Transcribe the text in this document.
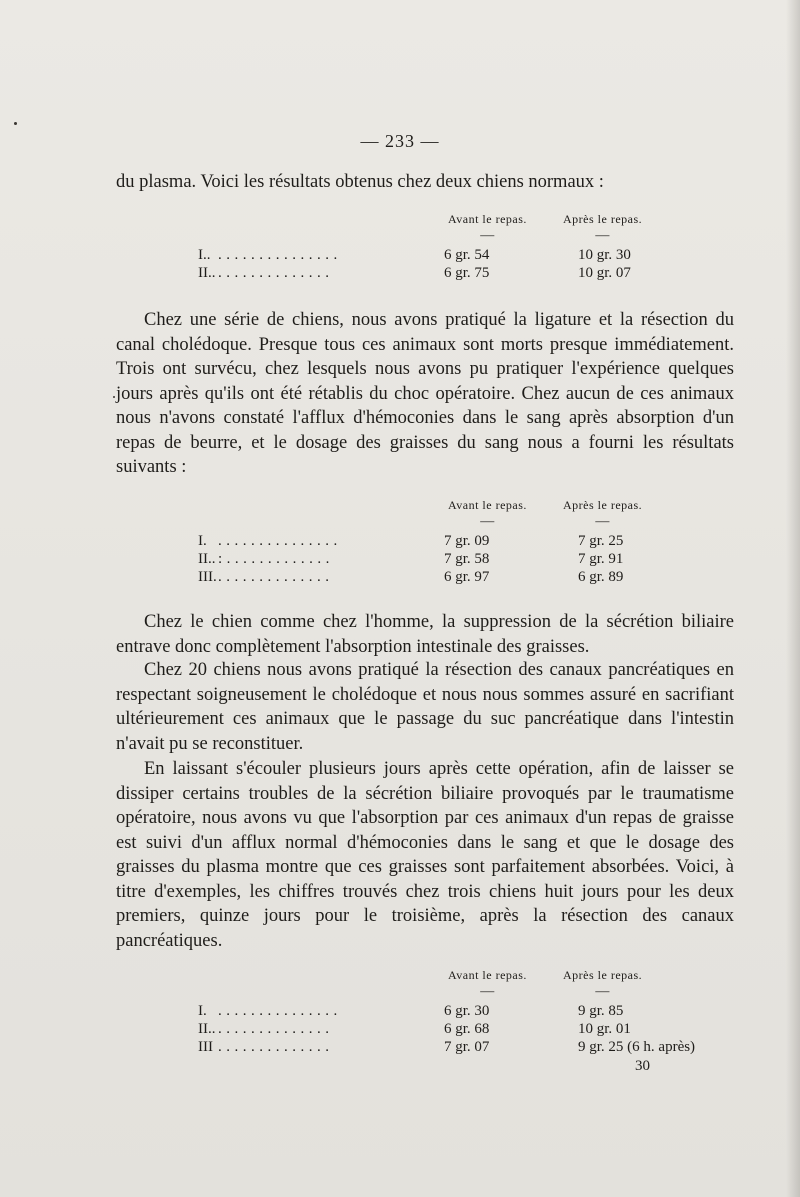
— 233 —

du plasma. Voici les résultats obtenus chez deux chiens normaux :

Avant le repas.
—
Après le repas.
—
I.. ...............	6 gr. 54	10 gr. 30
II.. ..............	6 gr. 75	10 gr. 07

Chez une série de chiens, nous avons pratiqué la ligature et la résection du canal cholédoque. Presque tous ces animaux sont morts presque immédiatement. Trois ont survécu, chez lesquels nous avons pu pratiquer l'expérience quelques jours après qu'ils ont été rétablis du choc opératoire. Chez aucun de ces animaux nous n'avons constaté l'afflux d'hémoconies dans le sang après absorption d'un repas de beurre, et le dosage des graisses du sang nous a fourni les résultats suivants :

Avant le repas.
—
Après le repas.
—
I. ...............	7 gr. 09	7 gr. 25
II.. :.............	7 gr. 58	7 gr. 91
III. ..............	6 gr. 97	6 gr. 89

Chez le chien comme chez l'homme, la suppression de la sécrétion biliaire entrave donc complètement l'absorption intestinale des graisses.

Chez 20 chiens nous avons pratiqué la résection des canaux pancréatiques en respectant soigneusement le cholédoque et nous nous sommes assuré en sacrifiant ultérieurement ces animaux que le passage du suc pancréatique dans l'intestin n'avait pu se reconstituer.

En laissant s'écouler plusieurs jours après cette opération, afin de laisser se dissiper certains troubles de la sécrétion biliaire provoqués par le traumatisme opératoire, nous avons vu que l'absorption par ces animaux d'un repas de graisse est suivi d'un afflux normal d'hémoconies dans le sang et que le dosage des graisses du plasma montre que ces graisses sont parfaitement absorbées. Voici, à titre d'exemples, les chiffres trouvés chez trois chiens huit jours pour les deux premiers, quinze jours pour le troisième, après la résection des canaux pancréatiques.

Avant le repas.
—
Après le repas.
—
I. ...............	6 gr. 30	9 gr. 85
II.. ..............	6 gr. 68	10 gr. 01
III ..............	7 gr. 07	9 gr. 25 (6 h. après)
30
